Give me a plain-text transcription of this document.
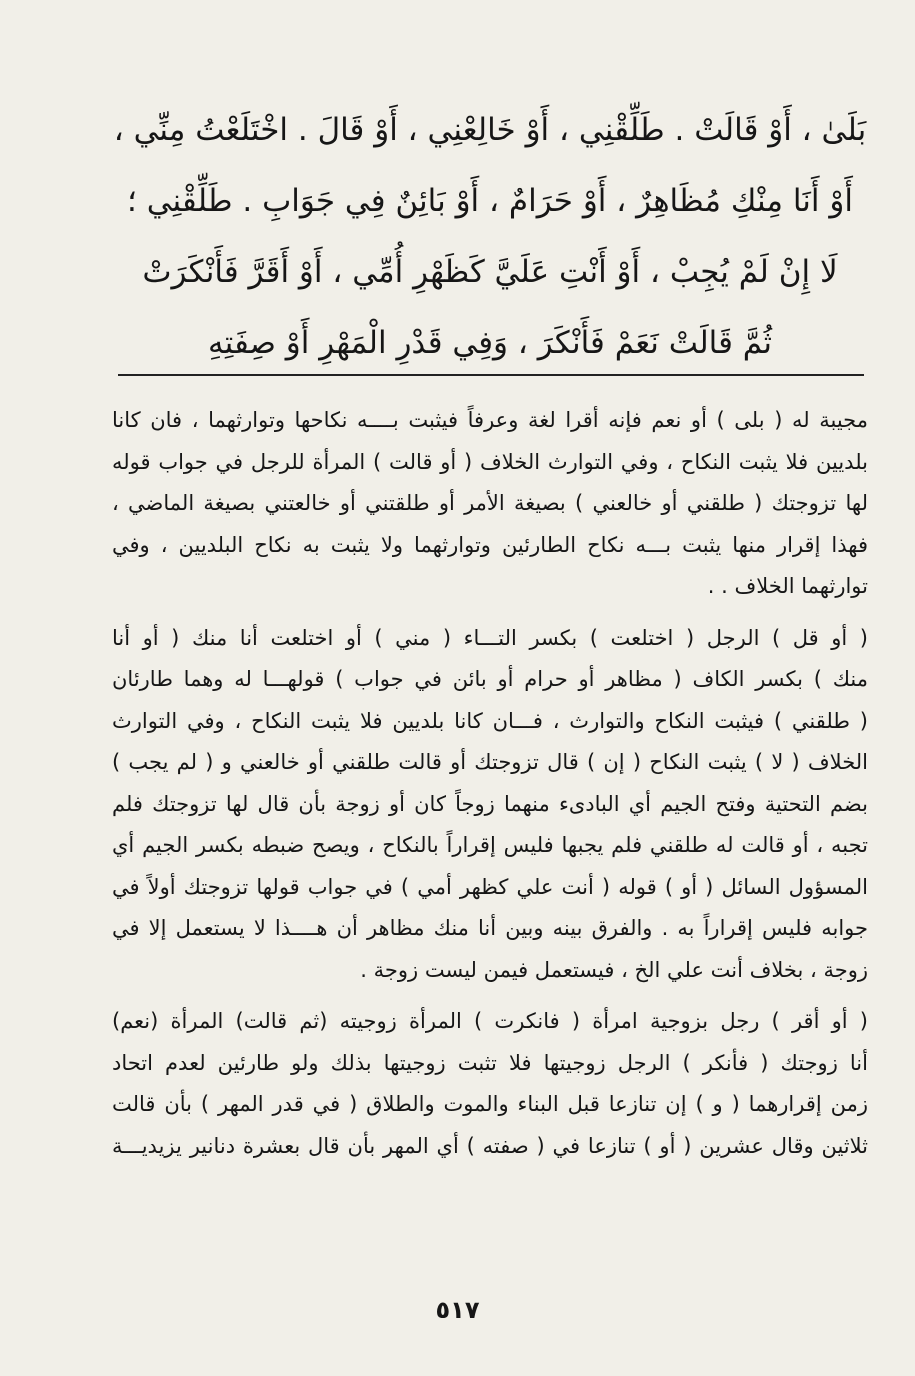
بَلَىٰ ، أَوْ قَالَتْ . طَلِّقْنِي ، أَوْ خَالِعْنِي ، أَوْ قَالَ . اخْتَلَعْتُ مِنِّي ،
أَوْ أَنَا مِنْكِ مُظَاهِرٌ ، أَوْ حَرَامٌ ، أَوْ بَائِنٌ فِي جَوَابِ . طَلِّقْنِي ؛
لَا إِنْ لَمْ يُجِبْ ، أَوْ أَنْتِ عَلَيَّ كَظَهْرِ أُمِّي ، أَوْ أَقَرَّ فَأَنْكَرَتْ
ثُمَّ قَالَتْ نَعَمْ فَأَنْكَرَ ، وَفِي قَدْرِ الْمَهْرِ أَوْ صِفَتِهِ
مجيبة له ( بلى ) أو نعم فإنه أقرا لغة وعرفاً فيثبت بــــه نكاحها وتوارثهما ، فان كانا
بلديين فلا يثبت النكاح ، وفي التوارث الخلاف ( أو قالت ) المرأة للرجل في جواب قوله
لها تزوجتك ( طلقني أو خالعني ) بصيغة الأمر أو طلقتني أو خالعتني بصيغة الماضي ،
فهذا إقرار منها يثبت بـــه نكاح الطارئين وتوارثهما ولا يثبت به نكاح البلديين ، وفي
توارثهما الخلاف . .
( أو قل ) الرجل ( اختلعت ) بكسر التـــاء ( مني ) أو اختلعت أنا منك ( أو أنا
منك ) بكسر الكاف ( مظاهر أو حرام أو بائن في جواب ) قولهـــا له وهما طارئان
( طلقني ) فيثبت النكاح والتوارث ، فـــان كانا بلديين فلا يثبت النكاح ، وفي التوارث
الخلاف ( لا ) يثبت النكاح ( إن ) قال تزوجتك أو قالت طلقني أو خالعني و ( لم يجب )
بضم التحتية وفتح الجيم أي البادىء منهما زوجاً كان أو زوجة بأن قال لها تزوجتك فلم
تجبه ، أو قالت له طلقني فلم يجبها فليس إقراراً بالنكاح ، ويصح ضبطه بكسر الجيم أي
المسؤول السائل ( أو ) قوله ( أنت علي كظهر أمي ) في جواب قولها تزوجتك أولاً في
جوابه فليس إقراراً به . والفرق بينه وبين أنا منك مظاهر أن هــــذا لا يستعمل إلا في
زوجة ، بخلاف أنت علي الخ ، فيستعمل فيمن ليست زوجة .
( أو أقر ) رجل بزوجية امرأة ( فانكرت ) المرأة زوجيته (ثم قالت) المرأة (نعم)
أنا زوجتك ( فأنكر ) الرجل زوجيتها فلا تثبت زوجيتها بذلك ولو طارئين لعدم اتحاد
زمن إقرارهما ( و ) إن تنازعا قبل البناء والموت والطلاق ( في قدر المهر ) بأن قالت
ثلاثين وقال عشرين ( أو ) تنازعا في ( صفته ) أي المهر بأن قال بعشرة دنانير يزيديـــة
٥١٧
